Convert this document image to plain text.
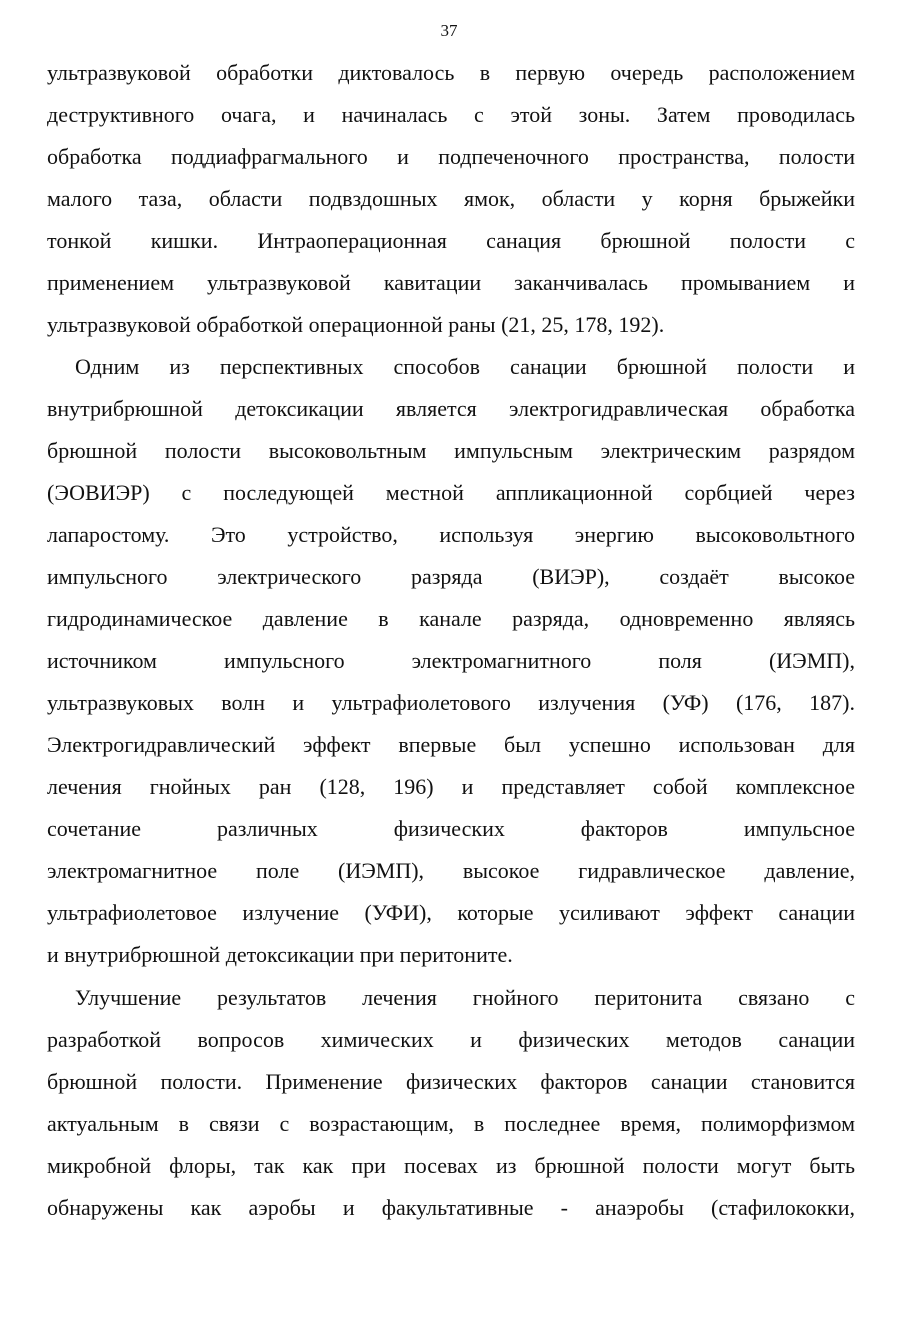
37
ультразвуковой обработки диктовалось в первую очередь расположением
деструктивного очага, и начиналась с этой зоны. Затем проводилась
обработка поддиафрагмального и подпеченочного пространства, полости
малого таза, области подвздошных ямок, области у корня брыжейки
тонкой кишки. Интраоперационная санация брюшной полости с
применением ультразвуковой кавитации заканчивалась промыванием и
ультразвуковой обработкой операционной раны (21, 25, 178, 192).
Одним из перспективных способов санации брюшной полости и
внутрибрюшной детоксикации является электрогидравлическая обработка
брюшной полости высоковольтным импульсным электрическим разрядом
(ЭОВИЭР) с последующей местной аппликационной сорбцией через
лапаростому. Это устройство, используя энергию высоковольтного
импульсного электрического разряда (ВИЭР), создаёт высокое
гидродинамическое давление в канале разряда, одновременно являясь
источником импульсного электромагнитного поля (ИЭМП),
ультразвуковых волн и ультрафиолетового излучения (УФ) (176, 187).
Электрогидравлический эффект впервые был успешно использован для
лечения гнойных ран (128, 196) и представляет собой комплексное
сочетание различных физических факторов импульсное
электромагнитное поле (ИЭМП), высокое гидравлическое давление,
ультрафиолетовое излучение (УФИ), которые усиливают эффект санации
и внутрибрюшной детоксикации при перитоните.
Улучшение результатов лечения гнойного перитонита связано с
разработкой вопросов химических и физических методов санации
брюшной полости. Применение физических факторов санации становится
актуальным в связи с возрастающим, в последнее время, полиморфизмом
микробной флоры, так как при посевах из брюшной полости могут быть
обнаружены как аэробы и факультативные - анаэробы (стафилококки,
